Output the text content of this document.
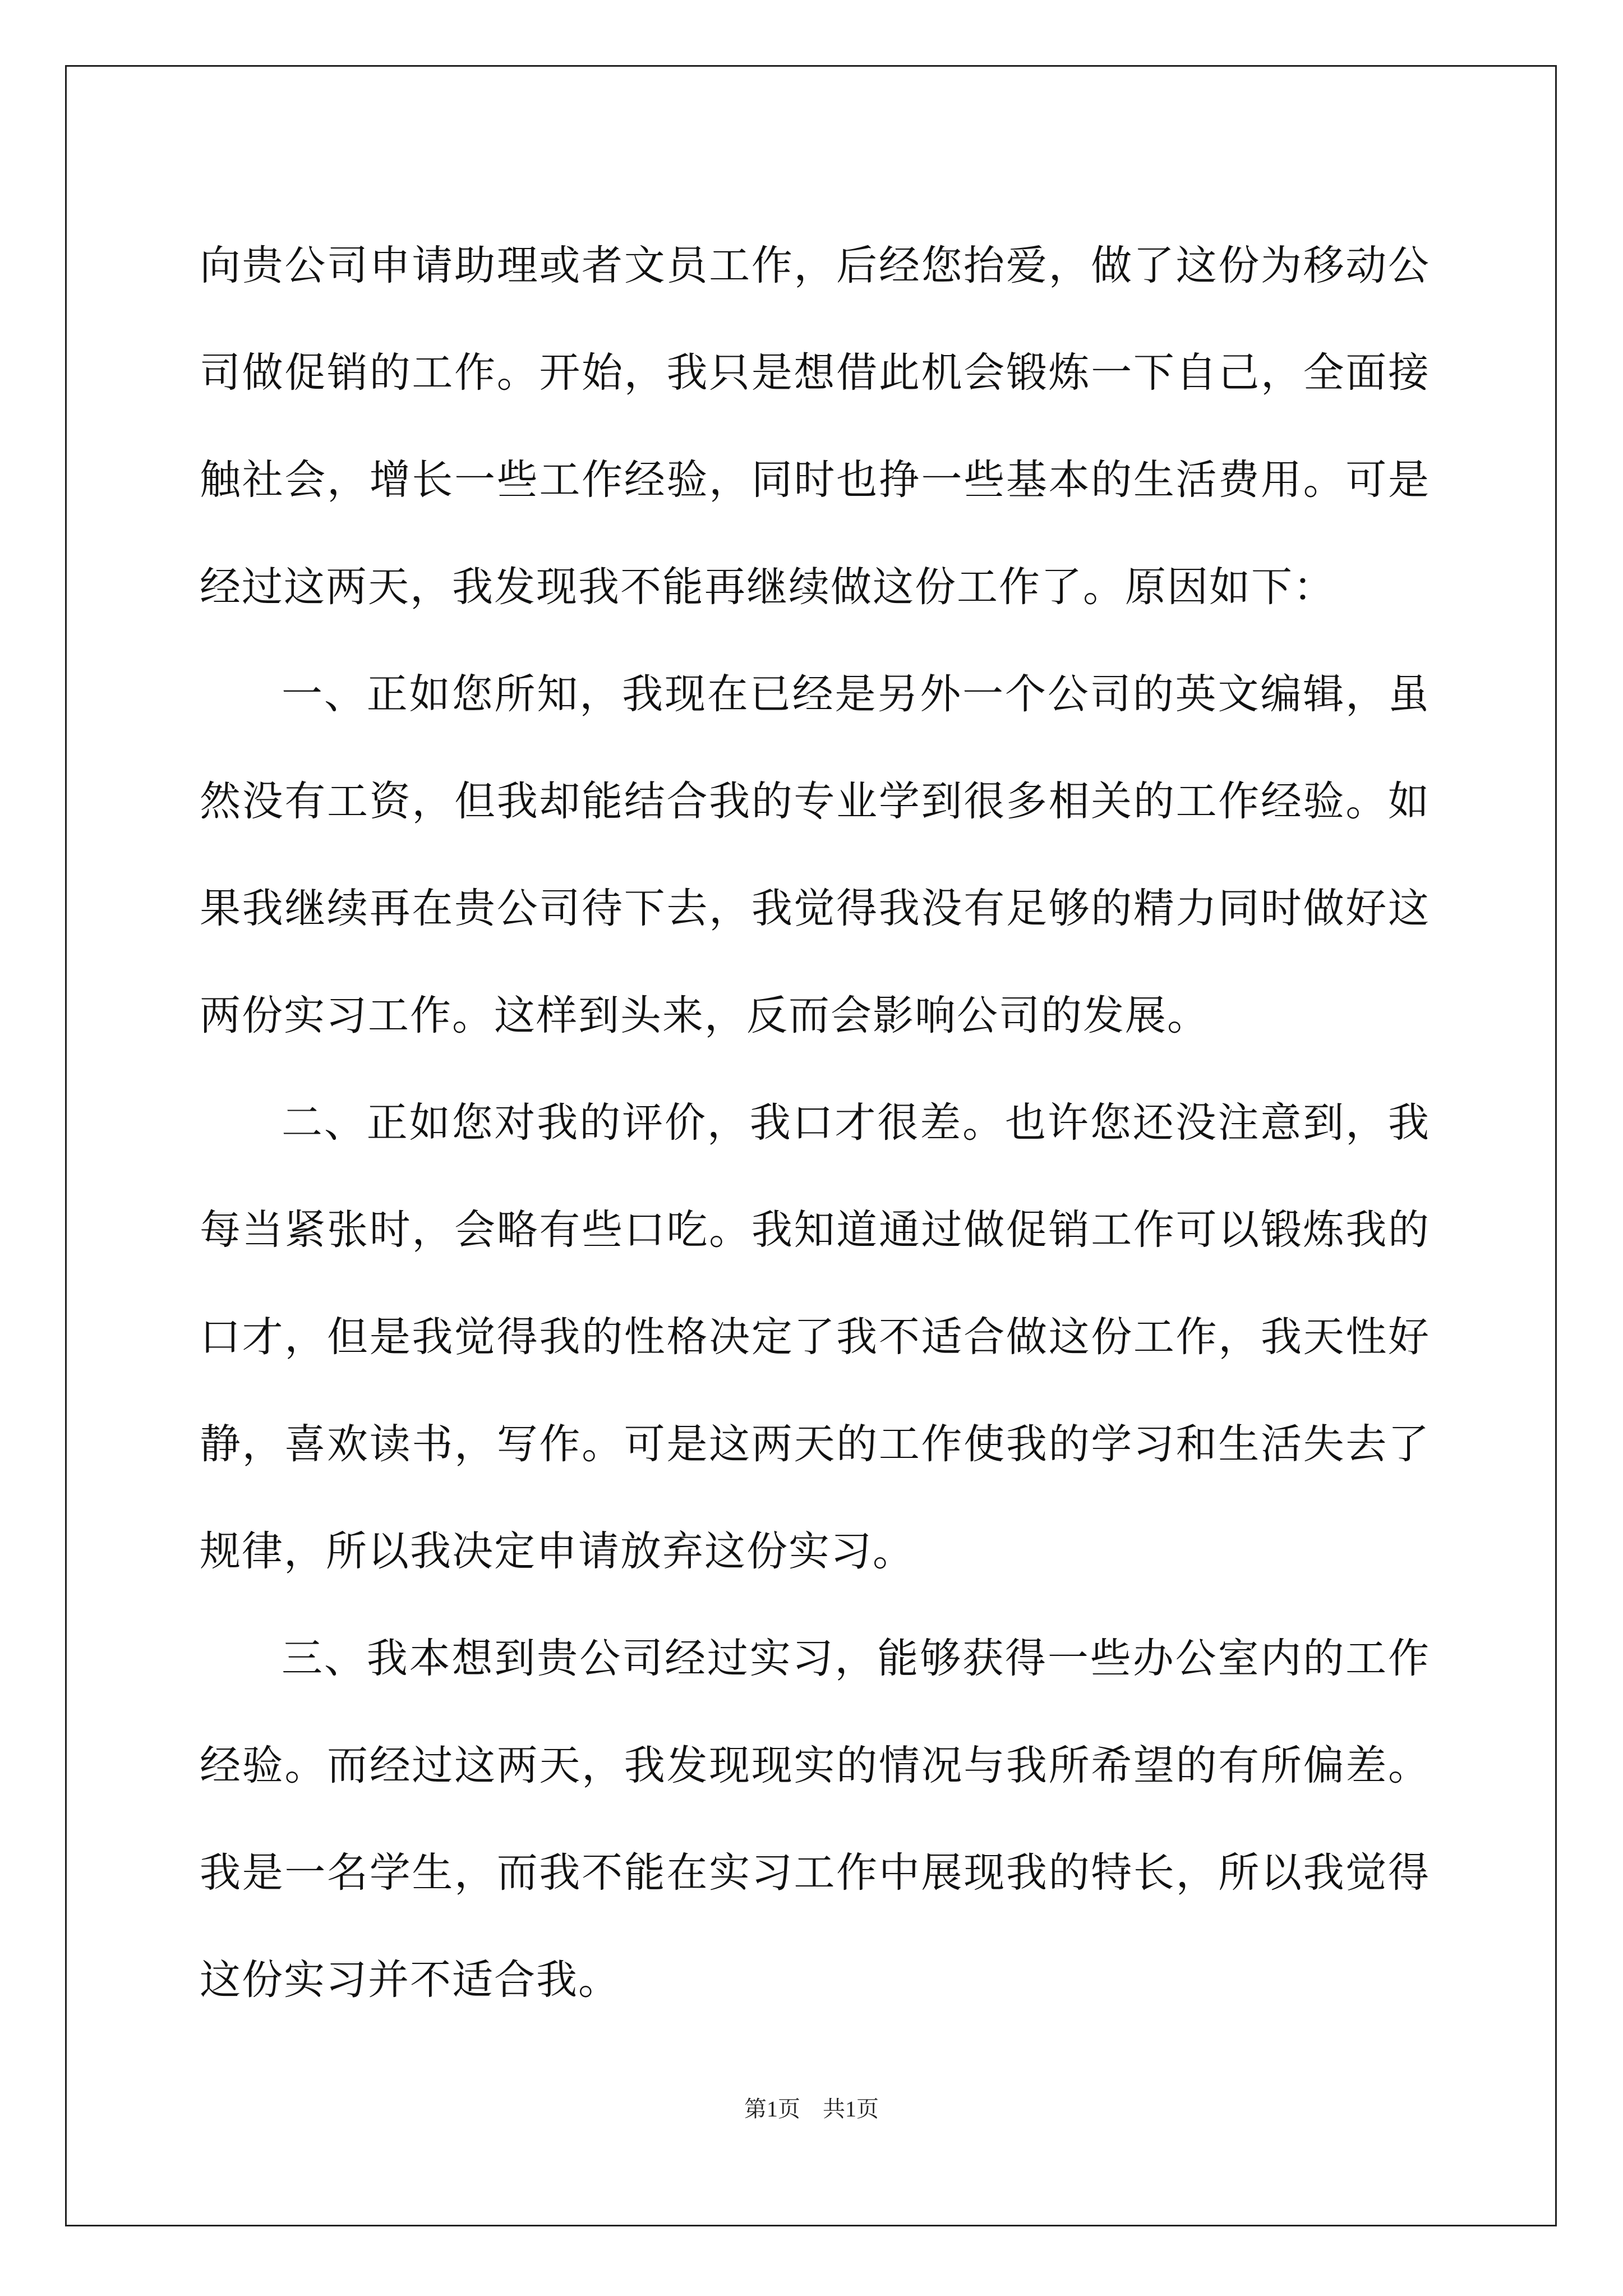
向贵公司申请助理或者文员工作，后经您抬爱，做了这份为移动公司做促销的工作。开始，我只是想借此机会锻炼一下自己，全面接触社会，增长一些工作经验，同时也挣一些基本的生活费用。可是经过这两天，我发现我不能再继续做这份工作了。原因如下：

一、正如您所知，我现在已经是另外一个公司的英文编辑，虽然没有工资，但我却能结合我的专业学到很多相关的工作经验。如果我继续再在贵公司待下去，我觉得我没有足够的精力同时做好这两份实习工作。这样到头来，反而会影响公司的发展。

二、正如您对我的评价，我口才很差。也许您还没注意到，我每当紧张时，会略有些口吃。我知道通过做促销工作可以锻炼我的口才，但是我觉得我的性格决定了我不适合做这份工作，我天性好静，喜欢读书，写作。可是这两天的工作使我的学习和生活失去了规律，所以我决定申请放弃这份实习。

三、我本想到贵公司经过实习，能够获得一些办公室内的工作经验。而经过这两天，我发现现实的情况与我所希望的有所偏差。我是一名学生，而我不能在实习工作中展现我的特长，所以我觉得这份实习并不适合我。

第1页 共1页
